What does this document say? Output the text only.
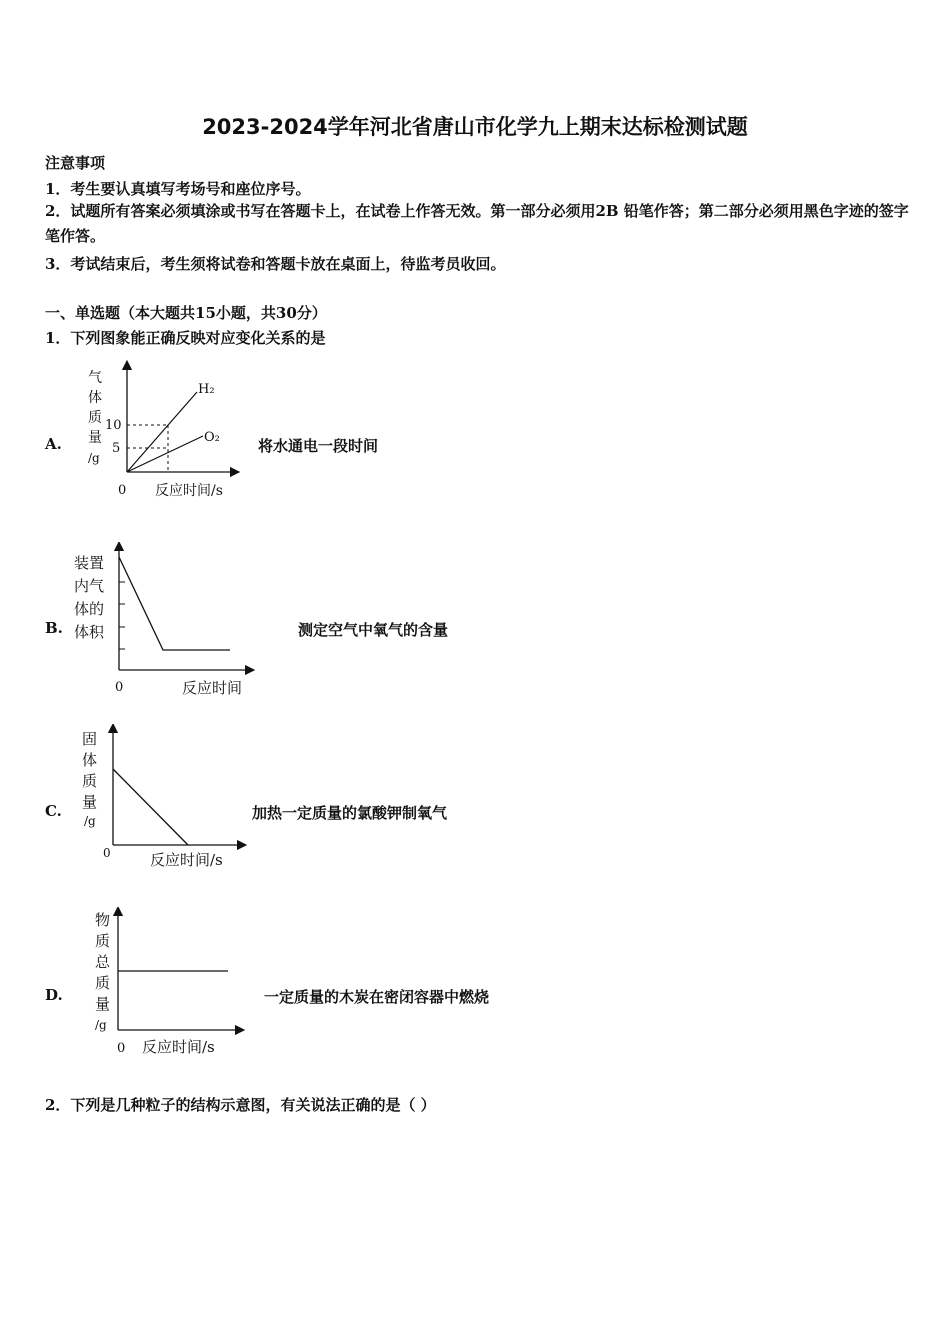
2023-2024学年河北省唐山市化学九上期末达标检测试题
注意事项
1．考生要认真填写考场号和座位序号。
2．试题所有答案必须填涂或书写在答题卡上，在试卷上作答无效。第一部分必须用2B 铅笔作答；第二部分必须用黑色字迹的签字笔作答。
3．考试结束后，考生须将试卷和答题卡放在桌面上，待监考员收回。
一、单选题（本大题共15小题，共30分）
1．下列图象能正确反映对应变化关系的是
A.
气
体
质
量
/g
10
5
H₂
O₂
0 反应时间/s
将水通电一段时间
B.
装置
内气
体的
体积
0	反应时间
测定空气中氧气的含量
C.
固
体
质
量
/g
0	反应时间/s
加热一定质量的氯酸钾制氧气
D.
物
质
总
质
量
/g
0 反应时间/s
一定质量的木炭在密闭容器中燃烧
2．下列是几种粒子的结构示意图，有关说法正确的是（ ）
